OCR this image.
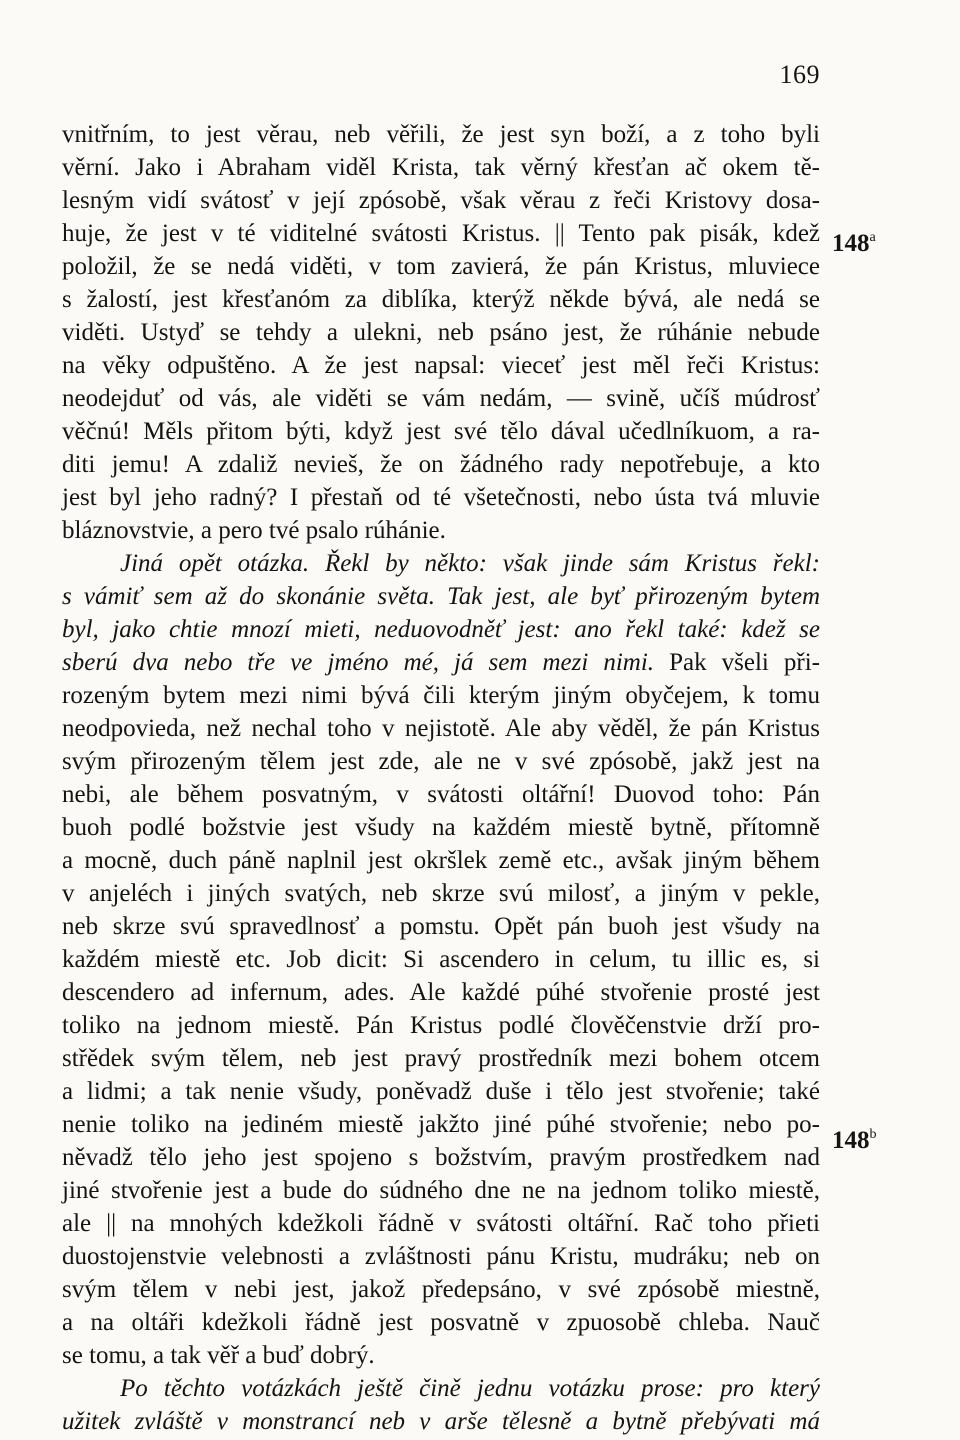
169
148$^a$
148$^b$
vnitřním, to jest věrau, neb věřili, že jest syn boží, a z toho byli
věrní. Jako i Abraham viděl Krista, tak věrný křesťan ač okem tě-
lesným vidí svátosť v její zpósobě, však věrau z řeči Kristovy dosa-
huje, že jest v té viditelné svátosti Kristus. || Tento pak pisák, kdež
položil, že se nedá viděti, v tom zavierá, že pán Kristus, mluviece
s žalostí, jest křesťanóm za diblíka, kterýž někde bývá, ale nedá se
viděti. Ustyď se tehdy a ulekni, neb psáno jest, že rúhánie nebude
na věky odpuštěno. A že jest napsal: vieceť jest měl řeči Kristus:
neodejduť od vás, ale viděti se vám nedám, — svině, učíš múdrosť
věčnú! Měls přitom býti, když jest své tělo dával učedlníkuom, a ra-
diti jemu! A zdaliž nevieš, že on žádného rady nepotřebuje, a kto
jest byl jeho radný? I přestaň od té všetečnosti, nebo ústa tvá mluvie
bláznovstvie, a pero tvé psalo rúhánie.
Jiná opět otázka. Řekl by někto: však jinde sám Kristus řekl:
s vámiť sem až do skonánie světa. Tak jest, ale byť přirozeným bytem
byl, jako chtie mnozí mieti, neduovodněť jest: ano řekl také: kdež se
sberú dva nebo tře ve jméno mé, já sem mezi nimi. Pak všeli při-
rozeným bytem mezi nimi bývá čili kterým jiným obyčejem, k tomu
neodpovieda, než nechal toho v nejistotě. Ale aby věděl, že pán Kristus
svým přirozeným tělem jest zde, ale ne v své zpósobě, jakž jest na
nebi, ale během posvatným, v svátosti oltářní! Duovod toho: Pán
buoh podlé božstvie jest všudy na každém miestě bytně, přítomně
a mocně, duch páně naplnil jest okršlek země etc., avšak jiným během
v anjeléch i jiných svatých, neb skrze svú milosť, a jiným v pekle,
neb skrze svú spravedlnosť a pomstu. Opět pán buoh jest všudy na
každém miestě etc. Job dicit: Si ascendero in celum, tu illic es, si
descendero ad infernum, ades. Ale každé púhé stvořenie prosté jest
toliko na jednom miestě. Pán Kristus podlé člověčenstvie drží pro-
střědek svým tělem, neb jest pravý prostředník mezi bohem otcem
a lidmi; a tak nenie všudy, poněvadž duše i tělo jest stvořenie; také
nenie toliko na jediném miestě jakžto jiné púhé stvořenie; nebo po-
něvadž tělo jeho jest spojeno s božstvím, pravým prostředkem nad
jiné stvořenie jest a bude do súdného dne ne na jednom toliko miestě,
ale || na mnohých kdežkoli řádně v svátosti oltářní. Rač toho přieti
duostojenstvie velebnosti a zvláštnosti pánu Kristu, mudráku; neb on
svým tělem v nebi jest, jakož předepsáno, v své zpósobě miestně,
a na oltáři kdežkoli řádně jest posvatně v zpuosobě chleba. Nauč
se tomu, a tak věř a buď dobrý.
Po těchto votázkách ještě čině jednu votázku prose: pro který
užitek zvláště v monstrancí neb v arše tělesně a bytně přebývati má
